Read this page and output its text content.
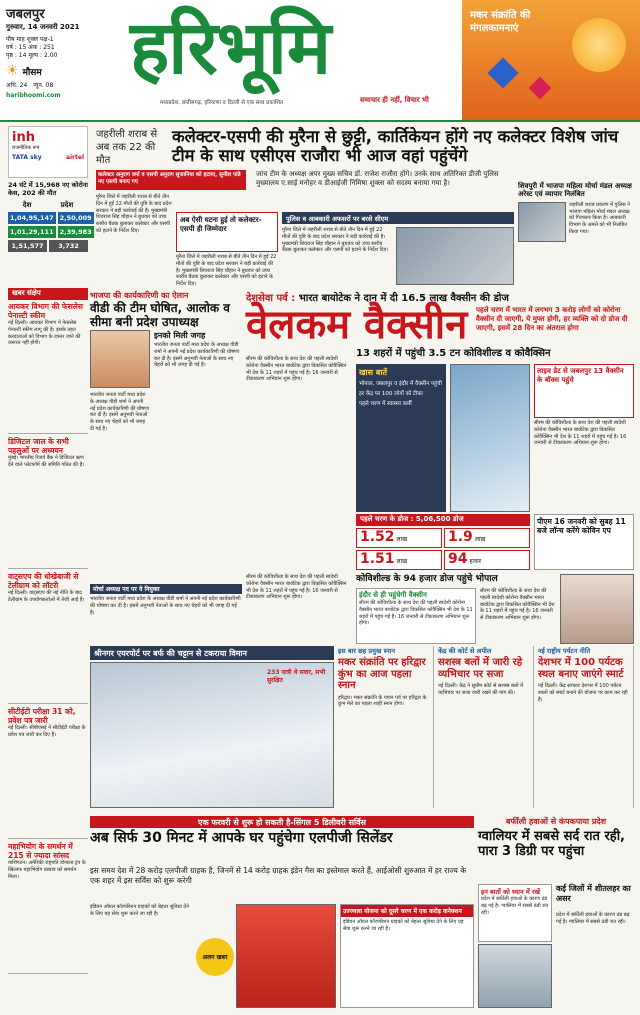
जबलपुर
गुरुवार, 14 जनवरी 2021
पौष माह शुक्ल पक्ष-1
वर्ष : 15 अंक : 251
पृष्ठ : 14 मूल्य : 2.00
☀ मौसम
अधि. 24 न्यून. 08
haribhoomi.com
हरिभूमि
मध्यप्रदेश, छत्तीसगढ़, हरियाणा व दिल्ली से एक साथ प्रकाशित	समाचार ही नहीं, विचार भी
मकर संक्रांति की मंगलकामनाएं
inh
राजनीतिक रूप
TATA sky	airtel
24 घंटे में 15,968 नए कोरोना केस, 202 की मौत
देश	प्रदेश
1,04,95,147 2,50,009
1,01,29,111 2,39,983
1,51,577	3,732
जहरीली शराब से अब तक 22 की मौत
कलेक्टर-एसपी की मुरैना से छुट्टी, कार्तिकेयन होंगे नए कलेक्टर विशेष जांच टीम के साथ एसीएस राजौरा भी आज वहां पहुंचेंगे
कलेक्टर अनुराग वर्मा व एसपी अनुराग सुजानिया को हटाया, सुनील पांडे नए एसपी बनाए गए
जांच टीम के अध्यक्ष अपर मुख्य सचिव डॉ. राजेश राजौरा होंगे। उनके साथ अतिरिक्त डीजी पुलिस मुख्यालय ए.साई मनोहर व डीआईजी निमिषा शुक्ला को सदस्य बनाया गया है।
मुरैना जिले में जहरीली शराब से बीते तीन दिन में हुई 22 मौतों की पुष्टि के बाद प्रदेश सरकार ने बड़ी कार्रवाई की है। मुख्यमंत्री शिवराज सिंह चौहान ने बुधवार को उच्च स्तरीय बैठक बुलाकर कलेक्टर और एसपी को हटाने के निर्देश दिए।
अब ऐसी घटना हुई तो कलेक्टर-एसपी ही जिम्मेदार
मुरैना जिले में जहरीली शराब से बीते तीन दिन में हुई 22 मौतों की पुष्टि के बाद प्रदेश सरकार ने बड़ी कार्रवाई की है। मुख्यमंत्री शिवराज सिंह चौहान ने बुधवार को उच्च स्तरीय बैठक बुलाकर कलेक्टर और एसपी को हटाने के निर्देश दिए।
पुलिस व आबकारी अफसरों पर बरसे सीएम
मुरैना जिले में जहरीली शराब से बीते तीन दिन में हुई 22 मौतों की पुष्टि के बाद प्रदेश सरकार ने बड़ी कार्रवाई की है। मुख्यमंत्री शिवराज सिंह चौहान ने बुधवार को उच्च स्तरीय बैठक बुलाकर कलेक्टर और एसपी को हटाने के निर्देश दिए।
शिवपुरी में भाजपा महिला मोर्चा मंडल अध्यक्ष अरेस्ट एवं व्यापार निलंबित
जहरीली शराब प्रकरण में पुलिस ने भाजपा महिला मोर्चा मंडल अध्यक्ष को गिरफ्तार किया है। आबकारी विभाग के अमले को भी निलंबित किया गया।
खबर संक्षेप
आयकर विभाग की फेसलेस पेनाल्टी स्कीम
नई दिल्ली। आयकर विभाग ने फेसलेस पेनाल्टी स्कीम लागू की है। इसके तहत करदाताओं को विभाग के दफ्तर जाने की जरूरत नहीं होगी।
डिजिटल जाल के सभी पहलुओं पर अध्ययन
मुंबई। भारतीय रिजर्व बैंक ने डिजिटल ऋण देने वाले प्लेटफॉर्म की समिति गठित की है।
वाट्सएप की धोखेबाजी से टेलीग्राम को लॉटरी
नई दिल्ली। वाट्सएप की नई नीति के बाद टेलीग्राम के उपयोगकर्ताओं में तेजी आई है।
सीटीईटी परीक्षा 31 को, प्रवेश पत्र जारी
नई दिल्ली। सीबीएसई ने सीटीईटी परीक्षा के प्रवेश पत्र जारी कर दिए हैं।
महाभियोग के समर्थन में 215 से ज्यादा सांसद
वाशिंगटन। अमेरिकी राष्ट्रपति डोनाल्ड ट्रंप के खिलाफ महाभियोग प्रस्ताव को समर्थन मिला।
भाजपा की कार्यकारिणी का ऐलान
वीडी की टीम घोषित, आलोक व सीमा बनी प्रदेश उपाध्यक्ष
इनको मिली जगह
भारतीय जनता पार्टी मध्य प्रदेश के अध्यक्ष वीडी शर्मा ने अपनी नई प्रदेश कार्यकारिणी की घोषणा कर दी है। इसमें अनुभवी नेताओं के साथ नए चेहरों को भी जगह दी गई है।
भारतीय जनता पार्टी मध्य प्रदेश के अध्यक्ष वीडी शर्मा ने अपनी नई प्रदेश कार्यकारिणी की घोषणा कर दी है। इसमें अनुभवी नेताओं के साथ नए चेहरों को भी जगह दी गई है।
मोर्चा अध्यक्ष पद पर ये नियुक्त
भारतीय जनता पार्टी मध्य प्रदेश के अध्यक्ष वीडी शर्मा ने अपनी नई प्रदेश कार्यकारिणी की घोषणा कर दी है। इसमें अनुभवी नेताओं के साथ नए चेहरों को भी जगह दी गई है।
देशसेवा पर्व : भारत बायोटेक ने दान में दी 16.5 लाख वैक्सीन की डोज
वेलकम वैक्सीन	पहले चरण में भारत में लगभग 3 करोड़ लोगों को कोरोना वैक्सीन दी जाएगी, ये मुफ्त होगी, हर व्यक्ति को दो डोज दी जाएगी, इसमें 28 दिन का अंतराल होगा
13 शहरों में पहुंची 3.5 टन कोविशील्ड व कोवैक्सिन
सीरम की कोविशील्ड के साथ देश की पहली स्वदेशी कोरोना वैक्सीन भारत बायोटेक द्वारा विकसित कोवैक्सिन भी देश के 11 शहरों में पहुंच गई है। 16 जनवरी से टीकाकरण अभियान शुरू होगा।
खास बातें
भोपाल, जबलपुर व इंदौर में वैक्सीन पहुंची
हर केंद्र पर 100 लोगों को टीका
पहले चरण में स्वास्थ्य कर्मी
लाइव डेट से जबलपुर 13 वैक्सीन के बॉक्स पहुंचे
सीरम की कोविशील्ड के साथ देश की पहली स्वदेशी कोरोना वैक्सीन भारत बायोटेक द्वारा विकसित कोवैक्सिन भी देश के 11 शहरों में पहुंच गई है। 16 जनवरी से टीकाकरण अभियान शुरू होगा।
पहले चरण के डोज : 5,06,500 डोज
1.52 लाख	1.9 लाख
1.51 लाख	94 हजार
पीएम 16 जनवरी को सुबह 11 बजे लॉन्च करेंगे कोविन एप
कोविशील्ड के 94 हजार डोज पहुंचे भोपाल
सीरम की कोविशील्ड के साथ देश की पहली स्वदेशी कोरोना वैक्सीन भारत बायोटेक द्वारा विकसित कोवैक्सिन भी देश के 11 शहरों में पहुंच गई है। 16 जनवरी से टीकाकरण अभियान शुरू होगा।	इंदौर से ही पहुंचेगी वैक्सीन
सीरम की कोविशील्ड के साथ देश की पहली स्वदेशी कोरोना वैक्सीन भारत बायोटेक द्वारा विकसित कोवैक्सिन भी देश के 11 शहरों में पहुंच गई है। 16 जनवरी से टीकाकरण अभियान शुरू होगा।
सीरम की कोविशील्ड के साथ देश की पहली स्वदेशी कोरोना वैक्सीन भारत बायोटेक द्वारा विकसित कोवैक्सिन भी देश के 11 शहरों में पहुंच गई है। 16 जनवरी से टीकाकरण अभियान शुरू होगा।
श्रीनगर एयरपोर्ट पर बर्फ की चट्टान से टकराया विमान
233 यात्री थे सवार, सभी सुरक्षित
इस बार छह प्रमुख स्नान
मकर संक्रांति पर हरिद्वार कुंभ का आज पहला स्नान
हरिद्वार। मकर संक्रांति के पावन पर्व पर हरिद्वार के कुंभ मेले का पहला शाही स्नान होगा।
केंद्र की कोर्ट से अपील
सशस्त्र बलों में जारी रहे व्यभिचार पर सजा
नई दिल्ली। केंद्र ने सुप्रीम कोर्ट से सशस्त्र बलों में व्यभिचार पर सजा जारी रखने की मांग की।
नई राष्ट्रीय पर्यटन नीति
देशभर में 100 पर्यटक स्थल बनाए जाएंगे स्मार्ट
नई दिल्ली। केंद्र सरकार देशभर में 100 पर्यटन स्थलों को स्मार्ट बनाने की योजना पर काम कर रही है।
एक फरवरी से शुरू हो सकती है-सिंगल 5 डिलीवरी सर्विस
अब सिर्फ 30 मिनट में आपके घर पहुंचेगा एलपीजी सिलेंडर
इस समय देश में 28 करोड़ एलपीजी ग्राहक है, जिनमें से 14 करोड़ ग्राहक इंडेन गैस का इस्तेमाल करते हैं, आईओसी शुरुआत में हर राज्य के एक शहर में इस सर्विस को शुरू करेगी
इंडियन ऑयल कॉरपोरेशन ग्राहकों को बेहतर सुविधा देने के लिए यह सेवा शुरू करने जा रही है।
अलग खबर
उज्ज्वला योजना को दूसरे चरण में एक करोड़ कनेक्शन
इंडियन ऑयल कॉरपोरेशन ग्राहकों को बेहतर सुविधा देने के लिए यह सेवा शुरू करने जा रही है।
बर्फीली हवाओं से कंपकपाया प्रदेश
ग्वालियर में सबसे सर्द रात रही, पारा 3 डिग्री पर पहुंचा
इन बातों को ध्यान में रखें
प्रदेश में बर्फीली हवाओं के कारण ठंड बढ़ गई है। ग्वालियर में सबसे ठंडी रात रही।
कई जिलों में शीतलहर का असर
प्रदेश में बर्फीली हवाओं के कारण ठंड बढ़ गई है। ग्वालियर में सबसे ठंडी रात रही।
